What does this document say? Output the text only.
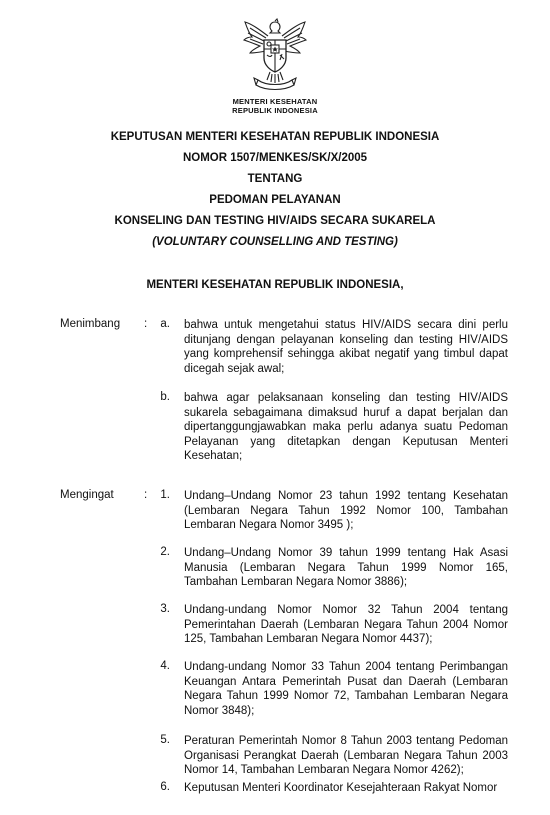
MENTERI KESEHATAN
REPUBLIK INDONESIA
KEPUTUSAN MENTERI KESEHATAN REPUBLIK INDONESIA
NOMOR 1507/MENKES/SK/X/2005
TENTANG
PEDOMAN PELAYANAN
KONSELING DAN TESTING HIV/AIDS SECARA SUKARELA
(VOLUNTARY COUNSELLING AND TESTING)
MENTERI KESEHATAN REPUBLIK INDONESIA,
Menimbang :	a. bahwa untuk mengetahui status HIV/AIDS secara dini perlu ditunjang dengan pelayanan konseling dan testing HIV/AIDS yang komprehensif sehingga akibat negatif yang timbul dapat dicegah sejak awal;
b. bahwa agar pelaksanaan konseling dan testing HIV/AIDS sukarela sebagaimana dimaksud huruf a dapat berjalan dan dipertanggungjawabkan maka perlu adanya suatu Pedoman Pelayanan yang ditetapkan dengan Keputusan Menteri Kesehatan;
Mengingat	:	1. Undang–Undang Nomor 23 tahun 1992 tentang Kesehatan (Lembaran Negara Tahun 1992 Nomor 100, Tambahan Lembaran Negara Nomor 3495 );
2. Undang–Undang Nomor 39 tahun 1999 tentang Hak Asasi Manusia (Lembaran Negara Tahun 1999 Nomor 165, Tambahan Lembaran Negara Nomor 3886);
3. Undang-undang Nomor Nomor 32 Tahun 2004 tentang Pemerintahan Daerah (Lembaran Negara Tahun 2004 Nomor 125, Tambahan Lembaran Negara Nomor 4437);
4. Undang-undang Nomor 33 Tahun 2004 tentang Perimbangan Keuangan Antara Pemerintah Pusat dan Daerah (Lembaran Negara Tahun 1999 Nomor 72, Tambahan Lembaran Negara Nomor 3848);
5. Peraturan Pemerintah Nomor 8 Tahun 2003 tentang Pedoman Organisasi Perangkat Daerah (Lembaran Negara Tahun 2003 Nomor 14, Tambahan Lembaran Negara Nomor 4262);
6. Keputusan Menteri Koordinator Kesejahteraan Rakyat Nomor
